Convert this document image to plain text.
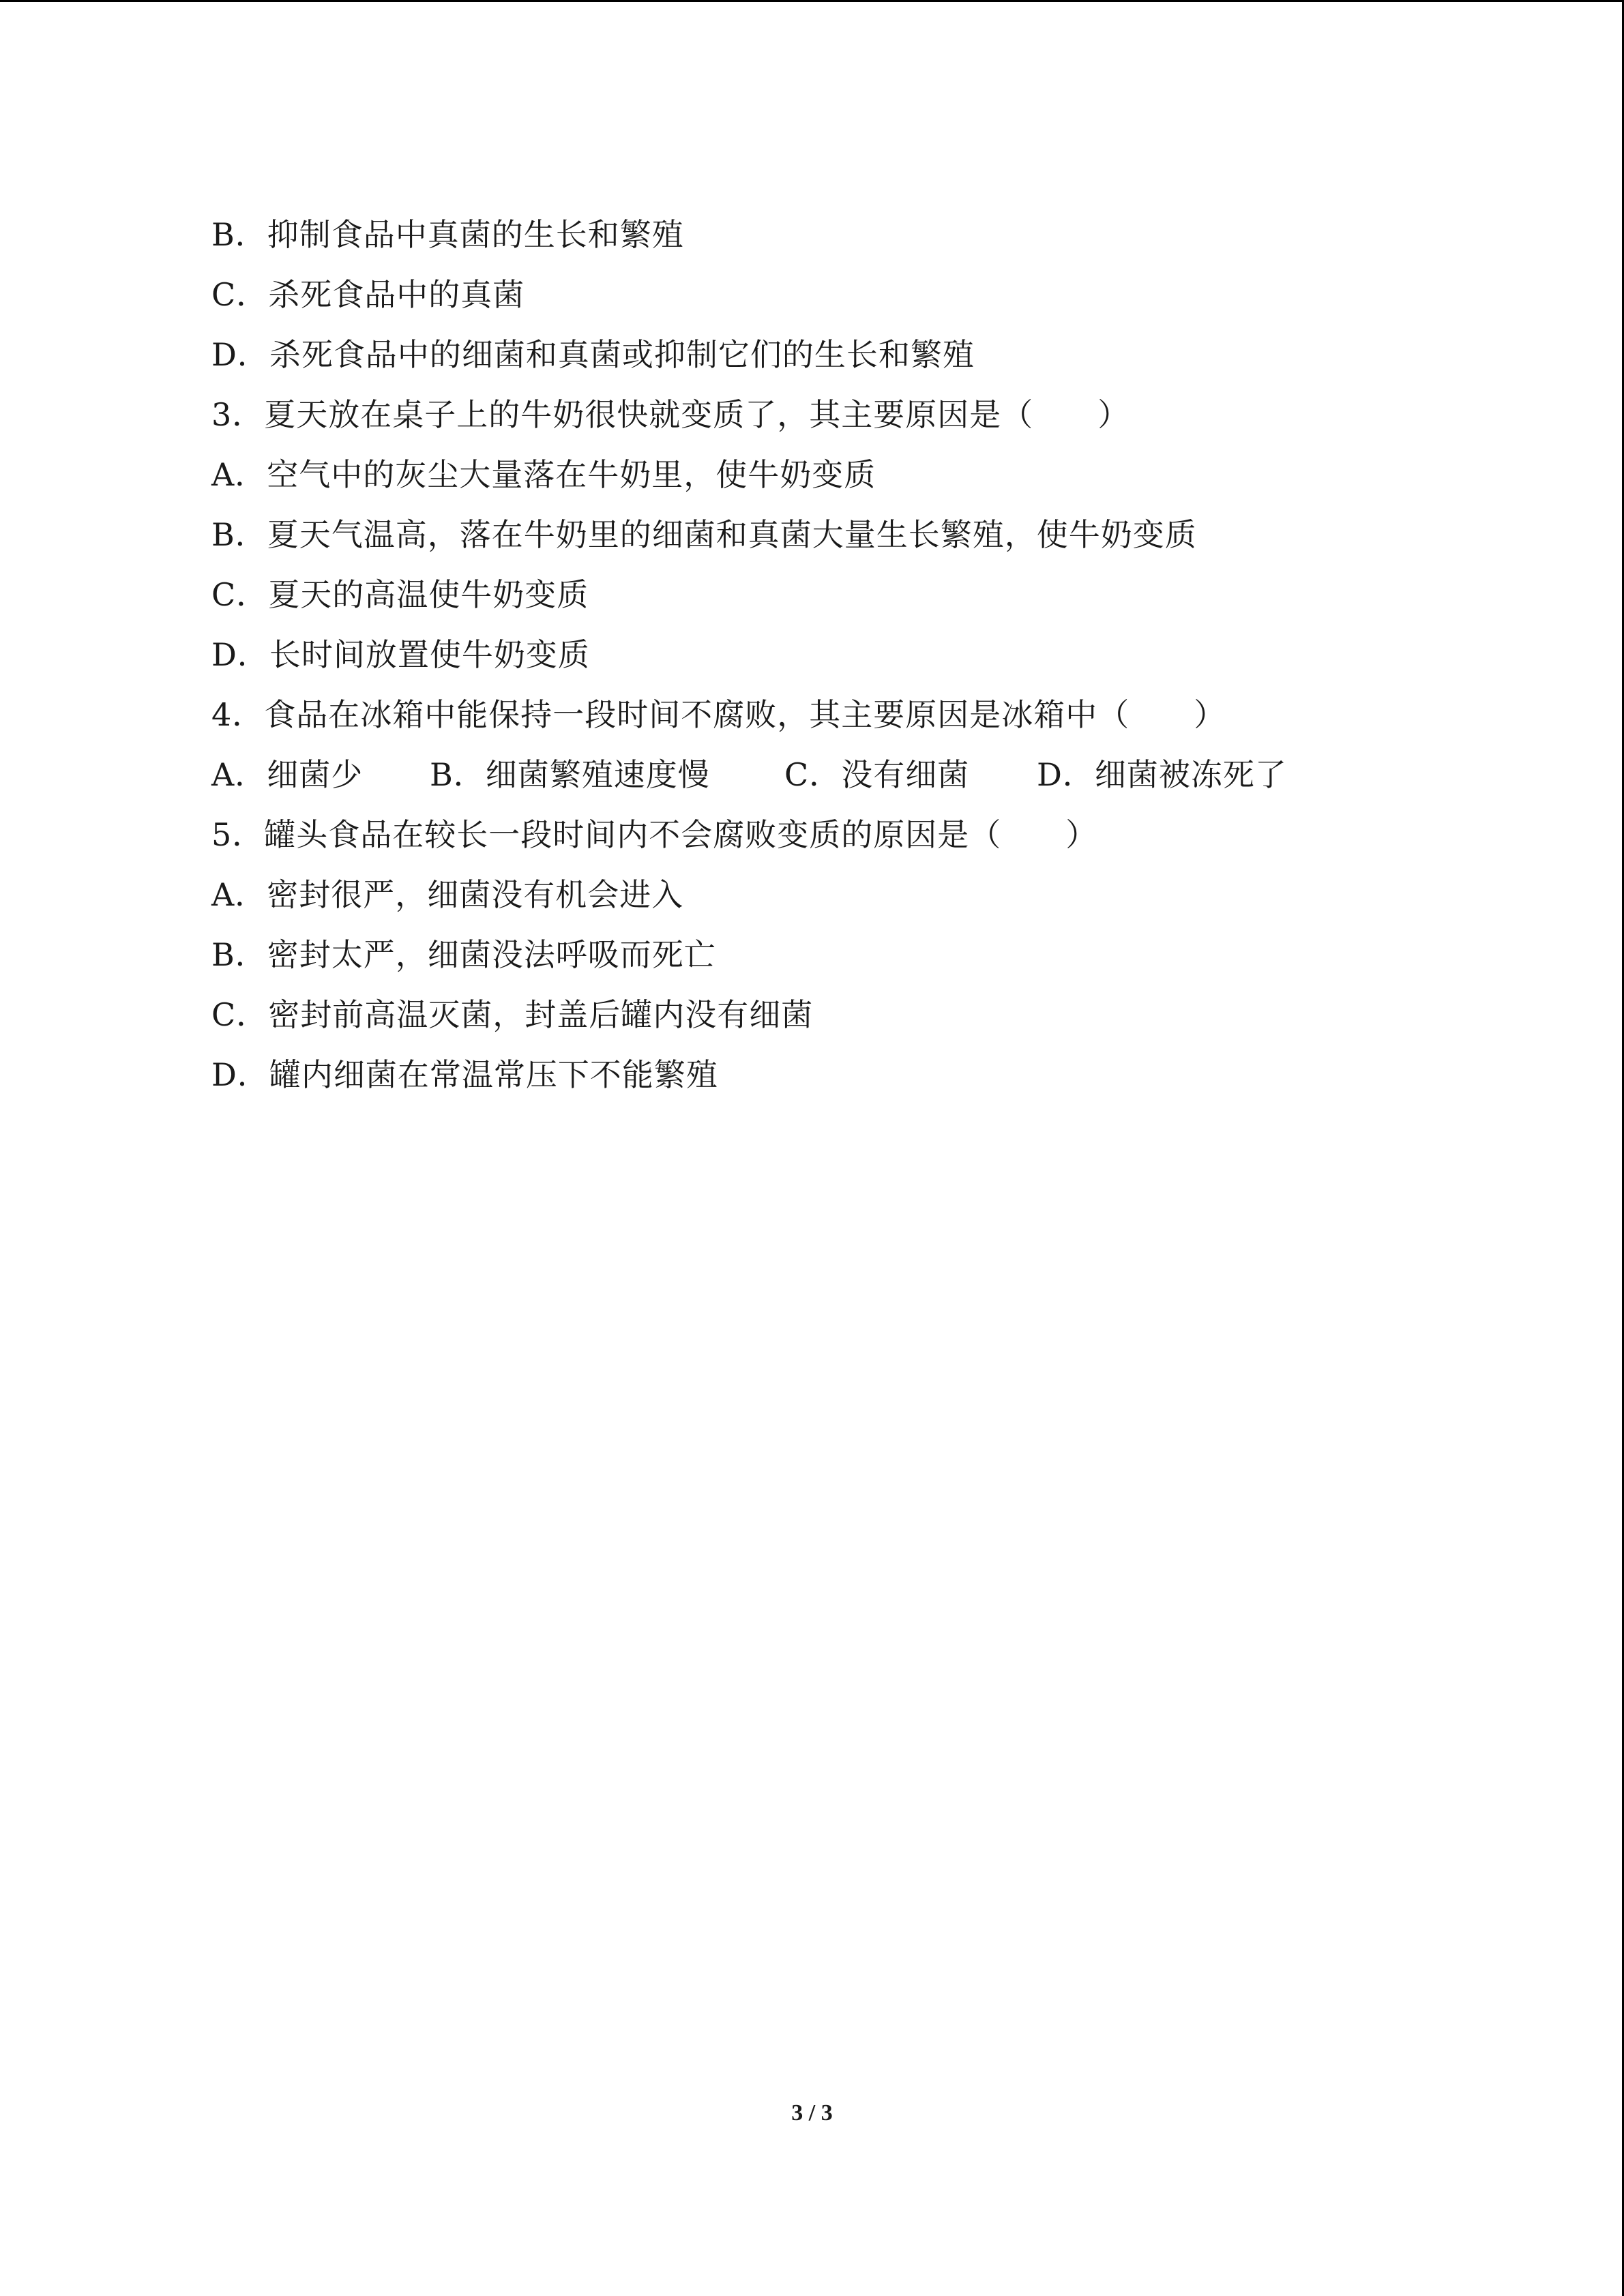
B．抑制食品中真菌的生长和繁殖
C．杀死食品中的真菌
D．杀死食品中的细菌和真菌或抑制它们的生长和繁殖
3．夏天放在桌子上的牛奶很快就变质了，其主要原因是（　　）
A．空气中的灰尘大量落在牛奶里，使牛奶变质
B．夏天气温高，落在牛奶里的细菌和真菌大量生长繁殖，使牛奶变质
C．夏天的高温使牛奶变质
D．长时间放置使牛奶变质
4．食品在冰箱中能保持一段时间不腐败，其主要原因是冰箱中（　　）
A．细菌少	B．细菌繁殖速度慢	C．没有细菌	D．细菌被冻死了
5．罐头食品在较长一段时间内不会腐败变质的原因是（　　）
A．密封很严，细菌没有机会进入
B．密封太严，细菌没法呼吸而死亡
C．密封前高温灭菌，封盖后罐内没有细菌
D．罐内细菌在常温常压下不能繁殖
3 / 3
